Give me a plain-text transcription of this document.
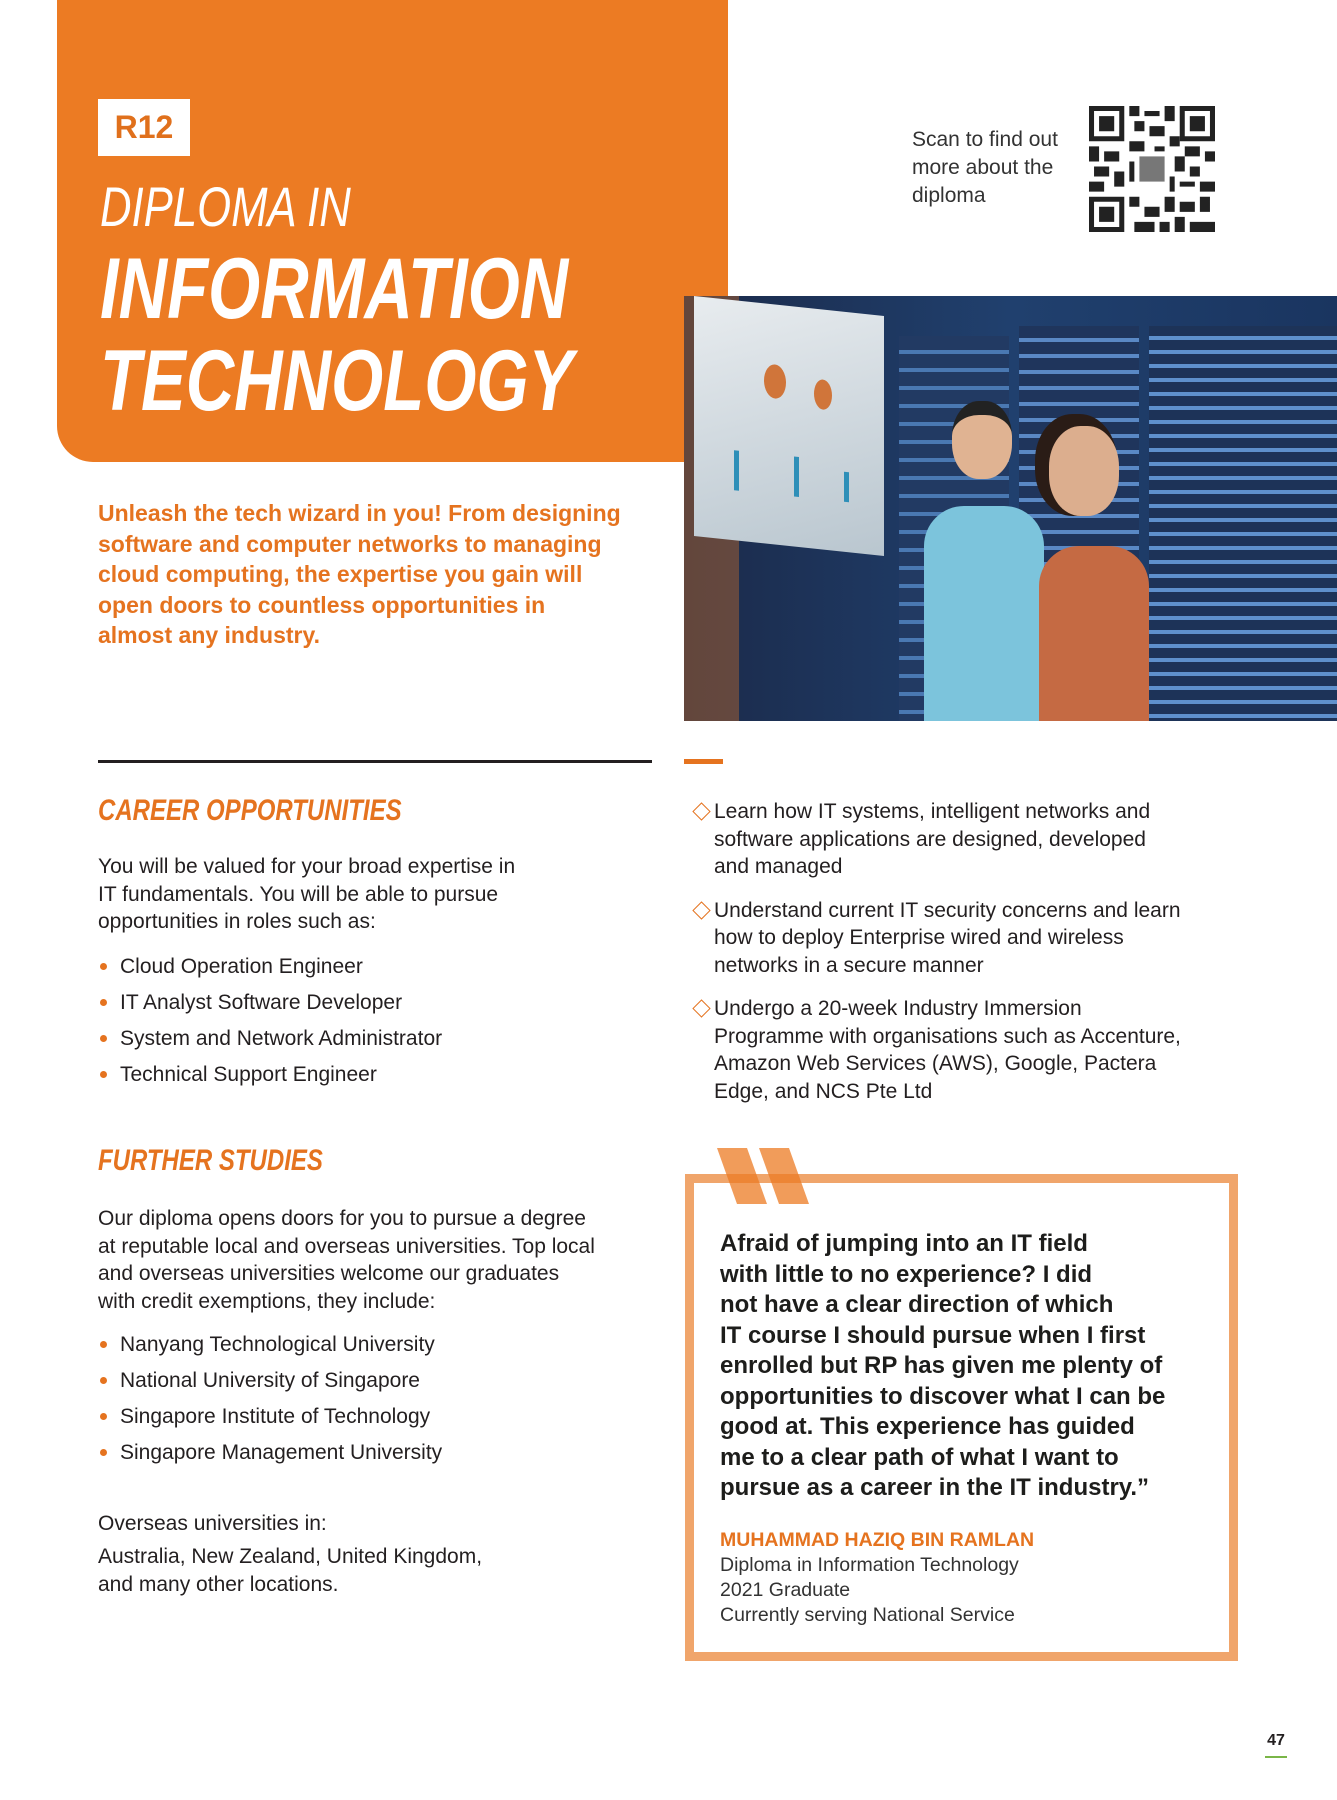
R12
DIPLOMA IN
INFORMATION
TECHNOLOGY
Scan to find out
more about the
diploma
Unleash the tech wizard in you! From designing
software and computer networks to managing
cloud computing, the expertise you gain will
open doors to countless opportunities in
almost any industry.
CAREER OPPORTUNITIES
You will be valued for your broad expertise in
IT fundamentals. You will be able to pursue
opportunities in roles such as:
Cloud Operation Engineer
IT Analyst Software Developer
System and Network Administrator
Technical Support Engineer
FURTHER STUDIES
Our diploma opens doors for you to pursue a degree
at reputable local and overseas universities. Top local
and overseas universities welcome our graduates
with credit exemptions, they include:
Nanyang Technological University
National University of Singapore
Singapore Institute of Technology
Singapore Management University
Overseas universities in:
Australia, New Zealand, United Kingdom,
and many other locations.
Learn how IT systems, intelligent networks and
software applications are designed, developed
and managed
Understand current IT security concerns and learn
how to deploy Enterprise wired and wireless
networks in a secure manner
Undergo a 20-week Industry Immersion
Programme with organisations such as Accenture,
Amazon Web Services (AWS), Google, Pactera
Edge, and NCS Pte Ltd
Afraid of jumping into an IT field
with little to no experience? I did
not have a clear direction of which
IT course I should pursue when I first
enrolled but RP has given me plenty of
opportunities to discover what I can be
good at. This experience has guided
me to a clear path of what I want to
pursue as a career in the IT industry.”
MUHAMMAD HAZIQ BIN RAMLAN
Diploma in Information Technology
2021 Graduate
Currently serving National Service
47
